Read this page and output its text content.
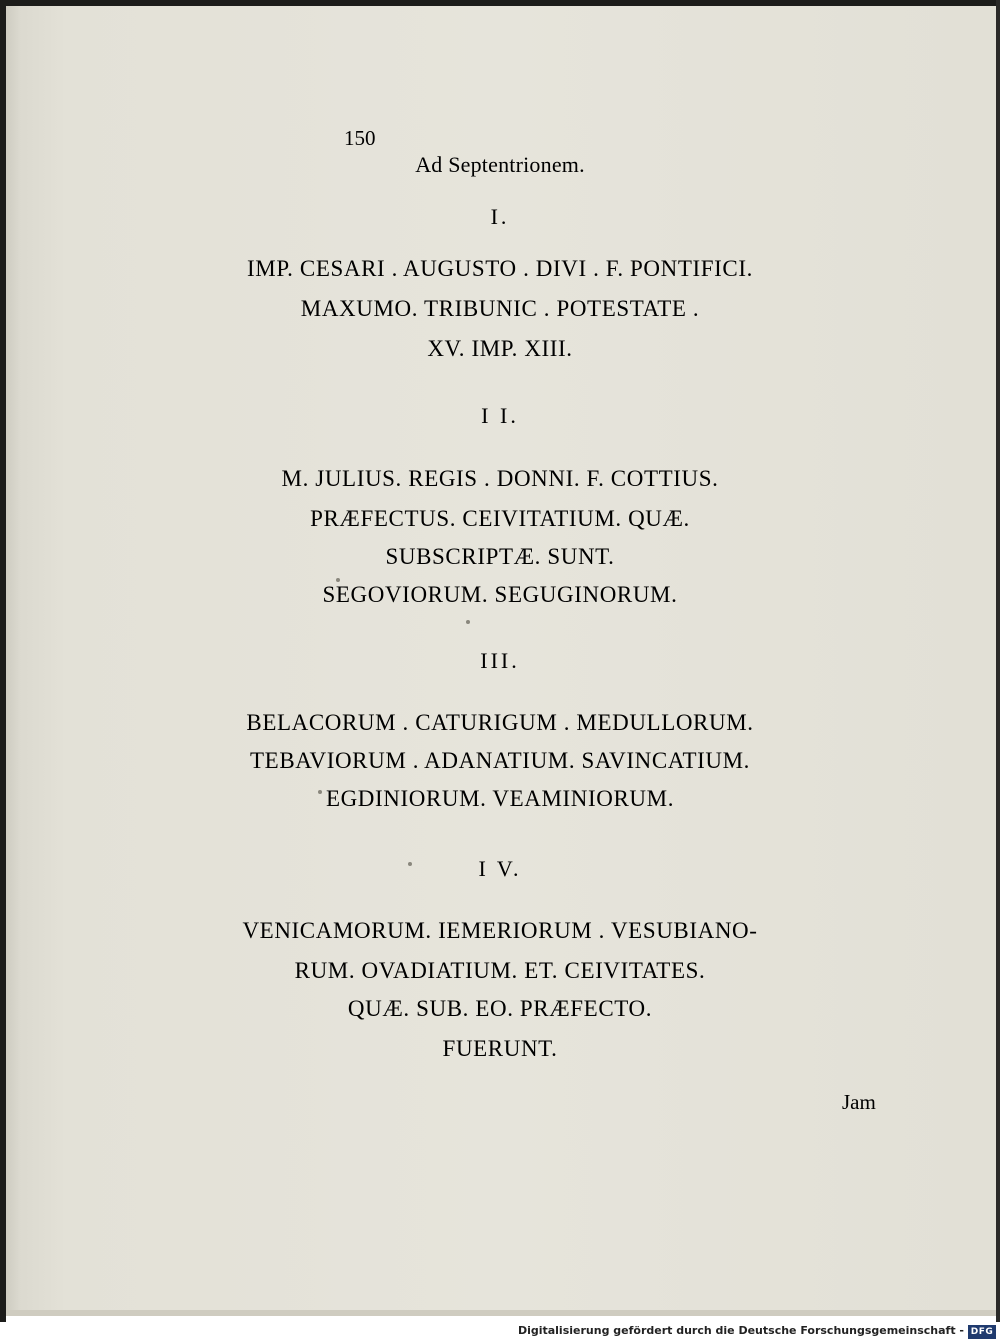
150

Ad Septentrionem.

I.

IMP. CESARI . AUGUSTO . DIVI . F. PONTIFICI.

MAXUMO. TRIBUNIC . POTESTATE .

XV. IMP. XIII.

I I.

M. JULIUS. REGIS . DONNI. F. COTTIUS.

PRÆFECTUS. CEIVITATIUM. QUÆ.

SUBSCRIPTÆ. SUNT.

SEGOVIORUM. SEGUGINORUM.

III.

BELACORUM . CATURIGUM . MEDULLORUM.

TEBAVIORUM . ADANATIUM. SAVINCATIUM.

EGDINIORUM. VEAMINIORUM.

I V.

VENICAMORUM. IEMERIORUM . VESUBIANO-

RUM. OVADIATIUM. ET. CEIVITATES.

QUÆ. SUB. EO. PRÆFECTO.

FUERUNT.

Jam

Digitalisierung gefördert durch die Deutsche Forschungsgemeinschaft - DFG
